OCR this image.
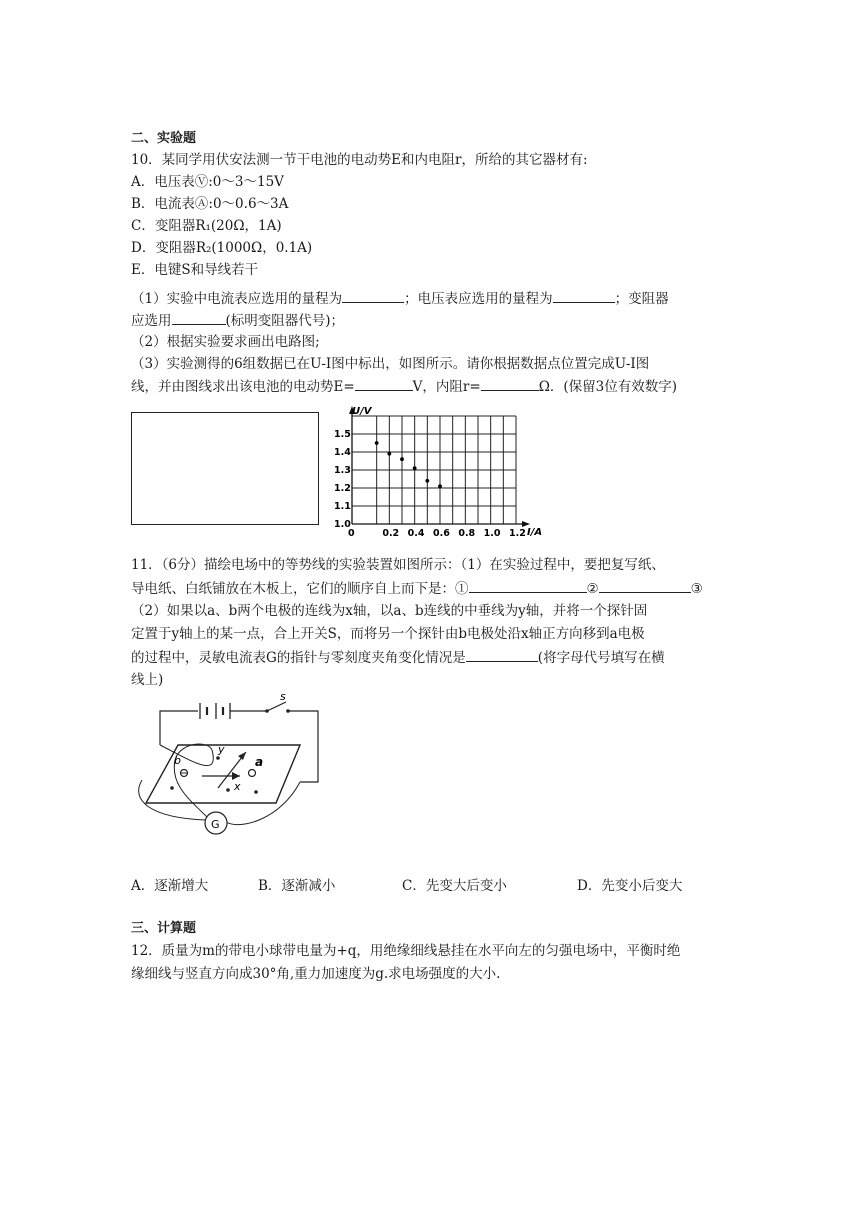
二、实验题
10．某同学用伏安法测一节干电池的电动势E和内电阻r，所给的其它器材有:
A．电压表Ⓥ:0～3～15V
B．电流表Ⓐ:0～0.6～3A
C．变阻器R₁(20Ω，1A)
D．变阻器R₂(1000Ω，0.1A)
E．电键S和导线若干
（1）实验中电流表应选用的量程为	；电压表应选用的量程为	；变阻器
应选用	(标明变阻器代号)；
（2）根据实验要求画出电路图;
（3）实验测得的6组数据已在U-I图中标出，如图所示。请你根据数据点位置完成U-I图
线，并由图线求出该电池的电动势E=	V，内阻r=	Ω．(保留3位有效数字)
0	0.2 0.4 0.6 0.8 1.0 1.2
1.0
1.1
1.2
1.3
1.4
1.5
U/V
I/A
11．（6分）描绘电场中的等势线的实验装置如图所示：（1）在实验过程中，要把复写纸、
导电纸、白纸铺放在木板上，它们的顺序自上而下是：①	②	③
（2）如果以a、b两个电极的连线为x轴，以a、b连线的中垂线为y轴，并将一个探针固
定置于y轴上的某一点，合上开关S，而将另一个探针由b电极处沿x轴正方向移到a电极
的过程中，灵敏电流表G的指针与零刻度夹角变化情况是	(将字母代号填写在横
线上)
s
y
b	a
x
G
A．逐渐增大	B．逐渐减小	C．先变大后变小	D．先变小后变大
三、计算题
12．质量为m的带电小球带电量为+q，用绝缘细线悬挂在水平向左的匀强电场中，平衡时绝
缘细线与竖直方向成30°角,重力加速度为g.求电场强度的大小.
